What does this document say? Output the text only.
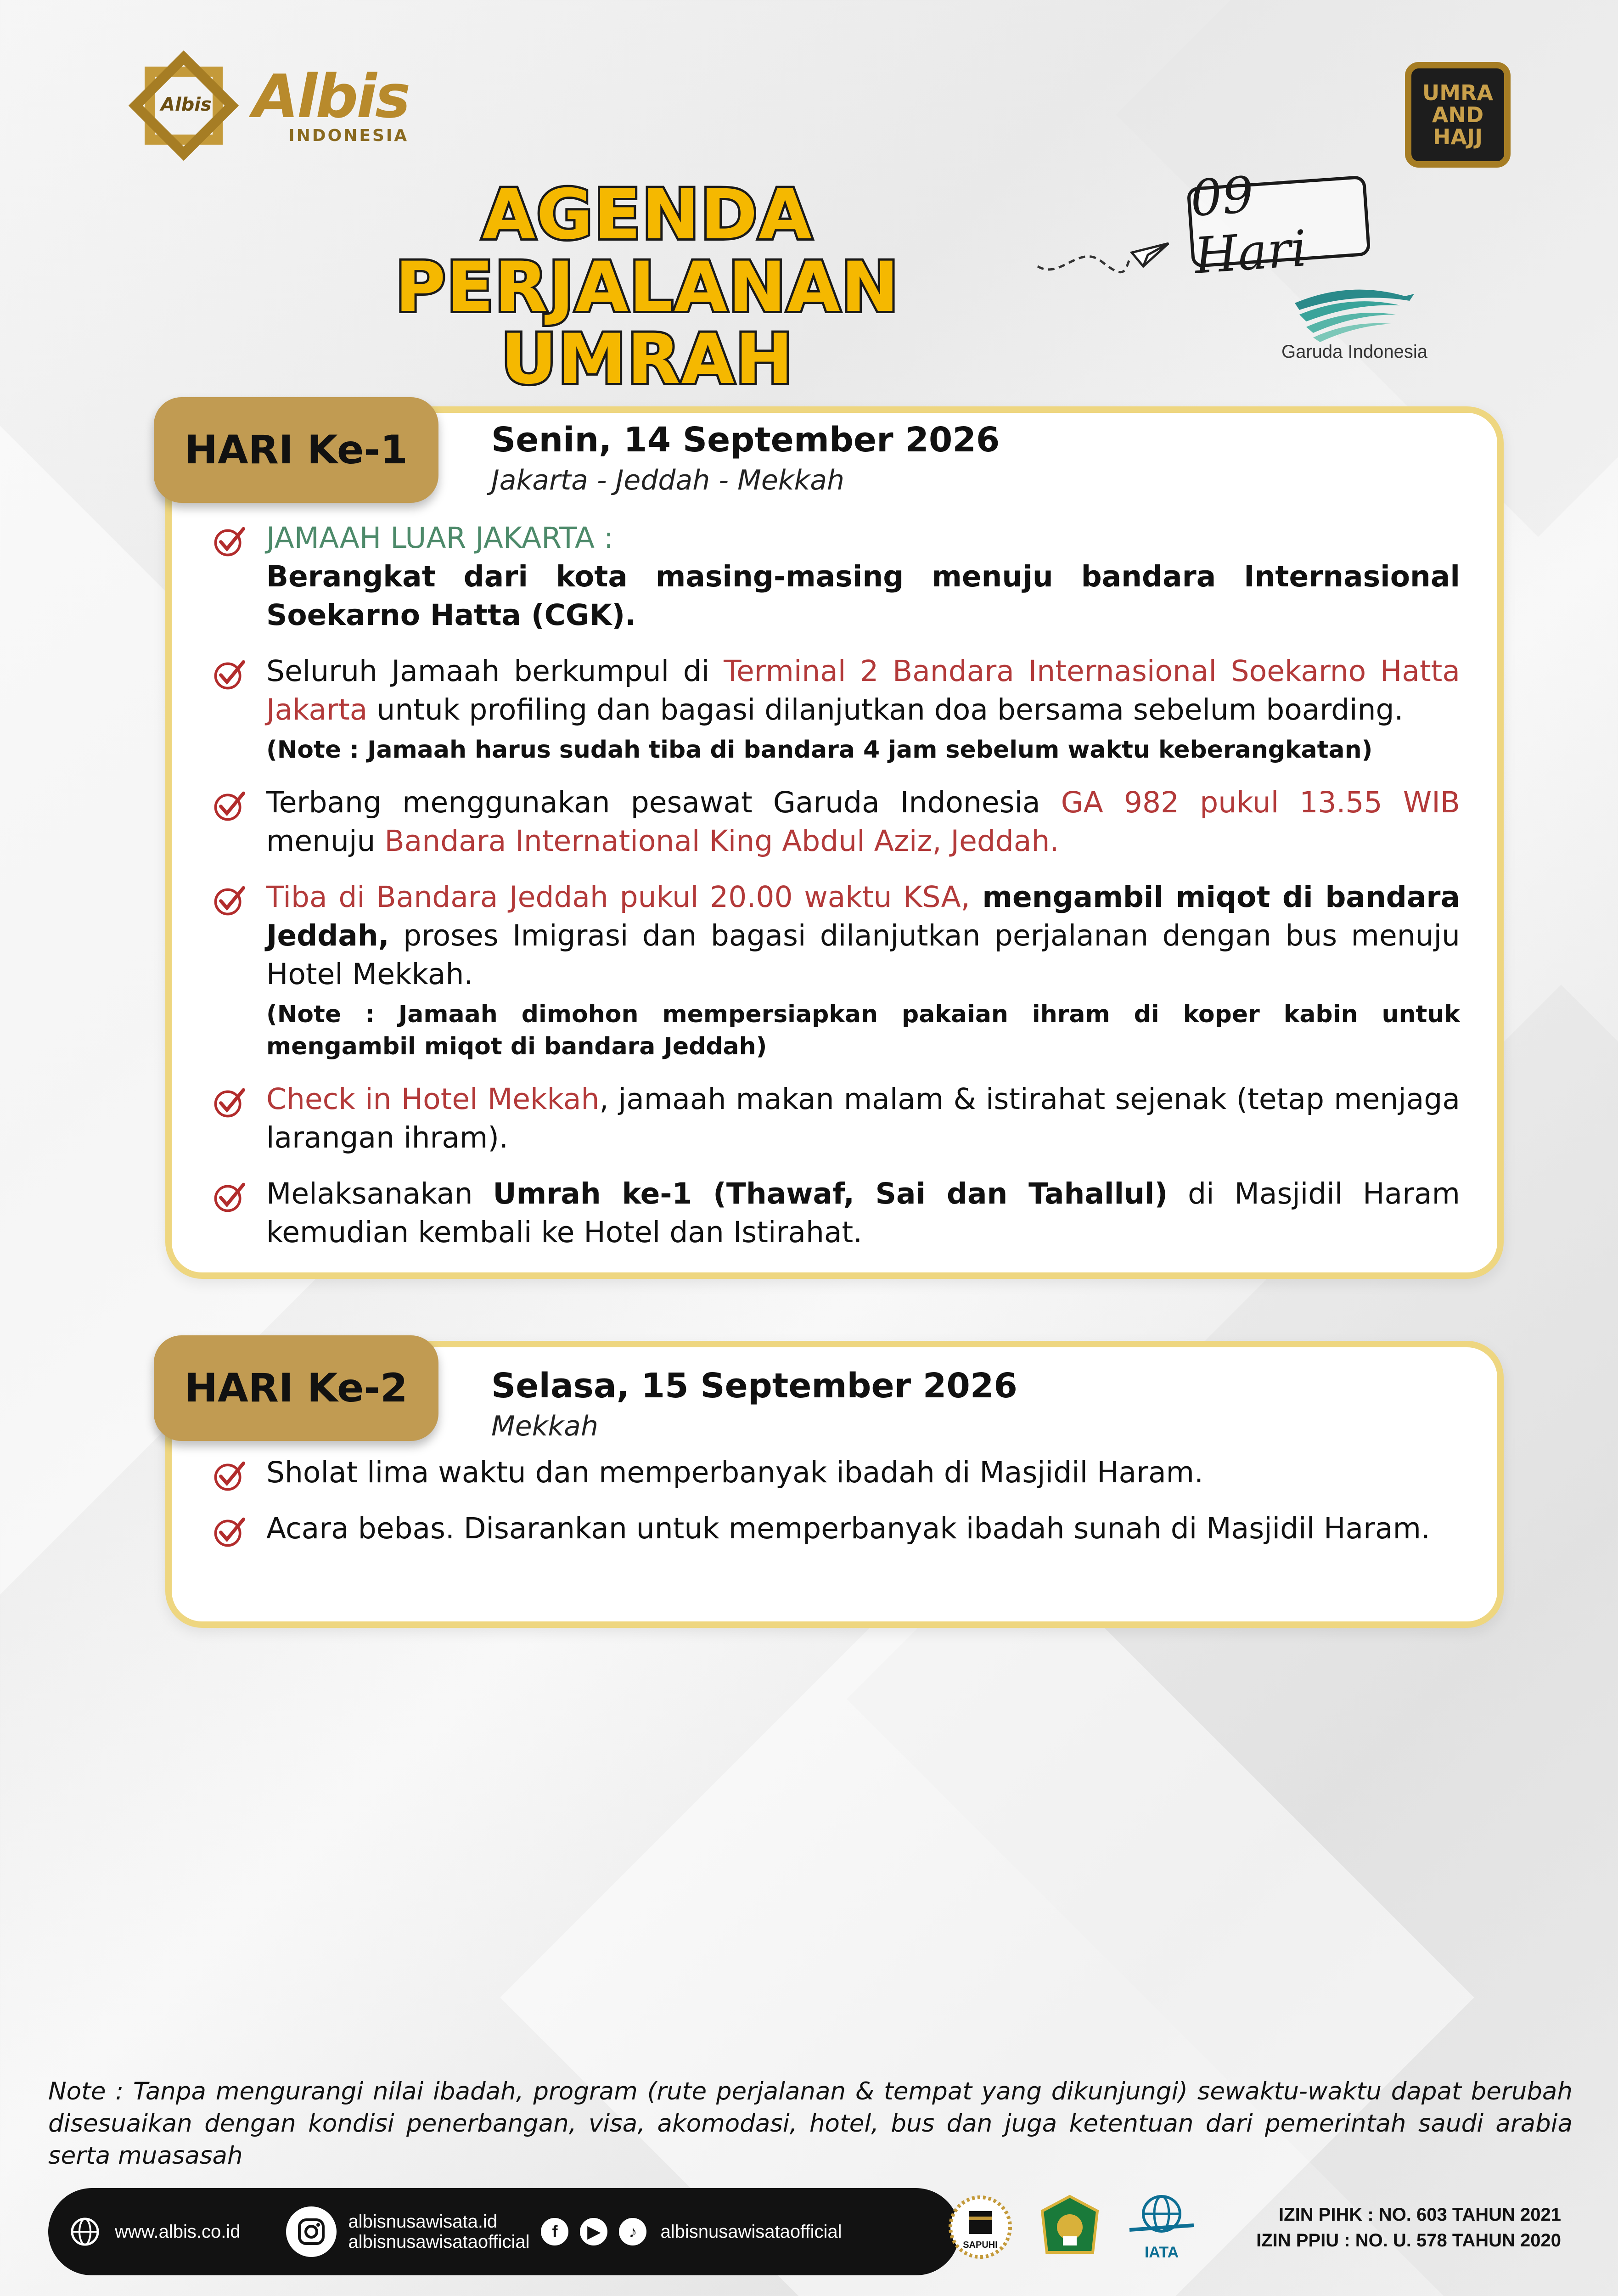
Albis Albis
INDONESIA
UMRA
AND
HAJJ
AGENDA PERJALANAN
UMRAH
09 Hari
Garuda Indonesia
HARI Ke-1	Senin, 14 September 2026
Jakarta - Jeddah - Mekkah
JAMAAH LUAR JAKARTA :
Berangkat dari kota masing-masing menuju bandara Internasional Soekarno Hatta (CGK).
Seluruh Jamaah berkumpul di Terminal 2 Bandara Internasional Soekarno Hatta Jakarta untuk profiling dan bagasi dilanjutkan doa bersama sebelum boarding.
(Note : Jamaah harus sudah tiba di bandara 4 jam sebelum waktu keberangkatan)
Terbang menggunakan pesawat Garuda Indonesia GA 982 pukul 13.55 WIB menuju Bandara International King Abdul Aziz, Jeddah.
Tiba di Bandara Jeddah pukul 20.00 waktu KSA, mengambil miqot di bandara Jeddah, proses Imigrasi dan bagasi dilanjutkan perjalanan dengan bus menuju Hotel Mekkah.
(Note : Jamaah dimohon mempersiapkan pakaian ihram di koper kabin untuk mengambil miqot di bandara Jeddah)
Check in Hotel Mekkah, jamaah makan malam & istirahat sejenak (tetap menjaga larangan ihram).
Melaksanakan Umrah ke-1 (Thawaf, Sai dan Tahallul) di Masjidil Haram kemudian kembali ke Hotel dan Istirahat.
HARI Ke-2	Selasa, 15 September 2026
Mekkah
Sholat lima waktu dan memperbanyak ibadah di Masjidil Haram.
Acara bebas. Disarankan untuk memperbanyak ibadah sunah di Masjidil Haram.
Note : Tanpa mengurangi nilai ibadah, program (rute perjalanan & tempat yang dikunjungi) sewaktu-waktu dapat berubah disesuaikan dengan kondisi penerbangan, visa, akomodasi, hotel, bus dan juga ketentuan dari pemerintah saudi arabia serta muasasah
www.albis.co.id	albisnusawisata.id
albisnusawisataofficial
f	▶	♪	albisnusawisataofficial
SAPUHI	IATA
IZIN PIHK : NO. 603 TAHUN 2021
IZIN PPIU : NO. U. 578 TAHUN 2020
